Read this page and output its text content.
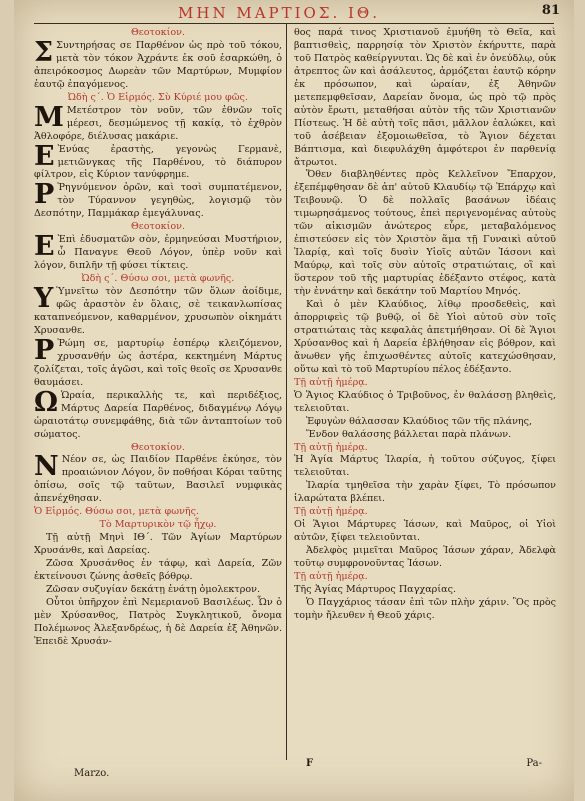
ΜΗΝ ΜΑΡΤΙΟΣ. ΙΘ.	81

Θεοτοκίον.

Σ Συντηρήσας σε Παρθένον ὡς πρὸ τοῦ τόκου, μετὰ τὸν τόκον Ἀχράντε ἐκ σοῦ ἐσαρκώθη, ὁ ἀπειρόκοσμος Δωρεὰν τῶν Μαρτύρων, Μυμφίον ἑαυτῷ ἐπαγόμενος.

Ὠδὴ ς΄. Ὁ Εἱρμός. Σὺ Κύριέ μου φῶς.

Μ Μετέστρον τὸν νοῦν, τῶν ἐθνῶν τοῖς μέρεσι, δεσμώμενος τῇ κακίᾳ, τὸ ἐχθρὸν Ἀθλοφόρε, διέλυσας μακάριε.

Ε Ἐνύας ἐραστὴς, γεγονὼς Γερμανὲ, μετιῶνγκας τῆς Παρθένου, τὸ διάπυρον φίλτρον, εἰς Κύριον τανύφρημε.

Ρ Ῥηγνύμενον ὀρῶν, καὶ τοσὶ συμπατέμενον, τὸν Τύραννον γεγηθὼς, λογισμῷ τὸν Δεσπότην, Παμμάκαρ ἐμεγάλυνας.

Θεοτοκίον.

Ε Ἐπὶ ἐδυσματῶν σὸν, ἐρμηνεύσαι Μυστήριον, ὦ Παναγνε Θεοῦ Λόγον, ὑπὲρ νοῦν καὶ λόγον, διπλῆν τῇ φύσει τίκτεις.

Ὠδὴ ς΄. Θύσω σοι, μετὰ φωνῆς.

Υ Ὑμνεῖτω τὸν Δεσπότην τῶν ὅλων ἀοίδιμε, φῶς ἀραστὸν ἐν ὅλαις, σὲ τεικανλωπίσας καταπνεόμενον, καθαρμένον, χρυσωπὸν οἰκημάτι Χρυσανθε.

Ρ Ῥώμη σε, μαρτυρίῳ ἐσπέρῳ κλειζόμενον, χρυσανθήν ὡς ἀστέρα, κεκτημένη Μάρτυς ζολίζεται, τοῖς ἀγῶσι, καὶ τοῖς θεοῖς σε Χρυσανθε θαυμάσει.

Ω Ὡραία, περικαλλὴς τε, καὶ περιδέξιος, Μάρτυς Δαρεία Παρθένος, διδαγμένῳ Λόγῳ ὡραιοτάτῳ συνεμφάθης, διὰ τῶν ἀνταπτοίων τοῦ σώματος.

Θεοτοκίον.

Ν Νέον σε, ὡς Παιδίον Παρθένε ἐκύησε, τὸν προαιώνιον Λόγον, ὃν ποθήσαι Κόραι ταῦτης ὀπίσω, σοῖς τῷ ταῦτων, Βασιλεῖ νυμφικὰς ἀπενέχθησαν.

Ὁ Εἱρμός. Θύσω σοι, μετὰ φωνῆς.

Τὸ Μαρτυρικὸν τῷ ἦχῳ.

Τῇ αὐτῇ Μηνὶ ΙΘ΄. Τῶν Ἁγίων Μαρτύρων Χρυσάνθε, καὶ Δαρείας.

Ζῶσα Χρυσάνθος ἐν τάφῳ, καὶ Δαρεία, Ζῶν ἐκτείνουσι ζώνης ἀσθεῖς βόθρῳ.

Ζῶσαν συζυγίαν δεκάτῃ ἐνάτῃ ὁμολεκτρον.

Οὗτοι ὑπῆρχον ἐπὶ Νεμεριανοῦ Βασιλέως. Ὧν ὁ μὲν Χρύσανθος, Πατρὸς Συγκλητικοῦ, ὄνομα Πολέμωνος Ἀλεξανδρέως, ἡ δὲ Δαρεία ἐξ Ἀθηνῶν. Ἐπειδὲ Χρυσάν-

θος παρά τινος Χριστιανοῦ ἐμυήθη τὸ Θεῖα, καὶ βαπτισθεὶς, παρρησίᾳ τὸν Χριστὸν ἐκήρυττε, παρὰ τοῦ Πατρὸς καθείργνυται. Ὡς δὲ καὶ ἐν ὀνεύδλῳ, οὐκ ἀτρεπτος ὢν καὶ ἀσάλευτος, ἁρμόζεται ἑαυτῷ κόρην ἐκ πρόσωπον, καὶ ὡραίαν, ἐξ Ἀθηνῶν μετεπεμφθεῖσαν, Δαρείαν ὄνομα, ὡς πρὸ τῷ πρὸς αὐτὸν ἔρωτι, μεταθήσαι αὐτὸν τῆς τῶν Χριστιανῶν Πίστεως. Ἡ δὲ αὐτὴ τοῖς πᾶσι, μᾶλλον ἑαλώκει, καὶ τοῦ ἀσέβειαν ἐξομοιωθεῖσα, τὸ Ἅγιον δέχεται Βάπτισμα, καὶ διεφυλάχθη ἀμφότεροι ἐν παρθενίᾳ ἄτρωτοι.

Ὅθεν διαβληθέντες πρὸς Κελλεῖνον Ἔπαρχον, ἐξεπέμφθησαν δὲ ἀπ' αὐτοῦ Κλαυδίῳ τῷ Ἐπάρχῳ καὶ Τειβουνῷ. Ὁ δὲ πολλαῖς βασάνων ἰδέαις τιμωρησάμενος τούτους, ἐπεὶ περιγενομένας αὐτοὺς τῶν αἰκισμῶν ἀνώτερος εὗρε, μεταβαλόμενος ἐπιστεύσεν εἰς τὸν Χριστὸν ἅμα τῇ Γυναικὶ αὐτοῦ Ἰλαρίᾳ, καὶ τοῖς δυσὶν Υἱοῖς αὐτῶν Ἰάσονι καὶ Μαύρῳ, καὶ τοῖς σὺν αὐτοῖς στρατιώταις, οἳ καὶ ὕστερον τοῦ τῆς μαρτυρίας ἐδέξαντο στέφος, κατὰ τὴν ἐννάτην καὶ δεκάτην τοῦ Μαρτίου Μηνός.

Καὶ ὁ μὲν Κλαύδιος, λίθῳ προσδεθεὶς, καὶ ἀπορριφεὶς τῷ βυθῷ, οἱ δὲ Υἱοὶ αὐτοῦ σὺν τοῖς στρατιώταις τὰς κεφαλὰς ἀπετμήθησαν. Οἱ δὲ Ἅγιοι Χρύσανθος καὶ ἡ Δαρεία ἐβλήθησαν εἰς βόθρον, καὶ ἄνωθεν γῆς ἐπιχωσθέντες αὐτοῖς κατεχώσθησαν, οὕτω καὶ τὸ τοῦ Μαρτυρίου πέλος ἐδέξαντο.

Τῇ αὐτῇ ἡμέρᾳ.

Ὁ Ἅγιος Κλαύδιος ὁ Τριβοῦνος, ἐν θαλάσσῃ βληθεὶς, τελειοῦται.

Ἐφυγὼν θάλασσαν Κλαύδιος τῶν τῆς πλάνης,

Ἔνδον θαλάσσης βάλλεται παρὰ πλάνων.

Τῇ αὐτῇ ἡμέρᾳ.

Ἡ Ἁγία Μάρτυς Ἰλαρία, ἡ τοῦτου σύζυγος, ξίφει τελειοῦται.

Ἰλαρία τμηθεῖσα τὴν χαρὰν ξίφει, Τὸ πρόσωπον ἱλαρώτατα βλέπει.

Τῇ αὐτῇ ἡμέρᾳ.

Οἱ Ἅγιοι Μάρτυρες Ἰάσων, καὶ Μαῦρος, οἱ Υἱοὶ αὐτῶν, ξίφει τελειοῦνται.

Ἀδελφὸς μιμεῖται Μαῦρος Ἰάσων χάραν, Ἀδελφὰ τοῦτῳ συμφρονοῦντας Ἰάσων.

Τῇ αὐτῇ ἡμέρᾳ.

Τῆς Ἁγίας Μάρτυρος Παγχαρίας.

Ὁ Παγχάριος τάσαν ἐπὶ τῶν πλὴν χάριν. Ὃς πρὸς τομὴν ἤλευθεν ἡ Θεοῦ χάρις.

Marzo.
F	Pa-
